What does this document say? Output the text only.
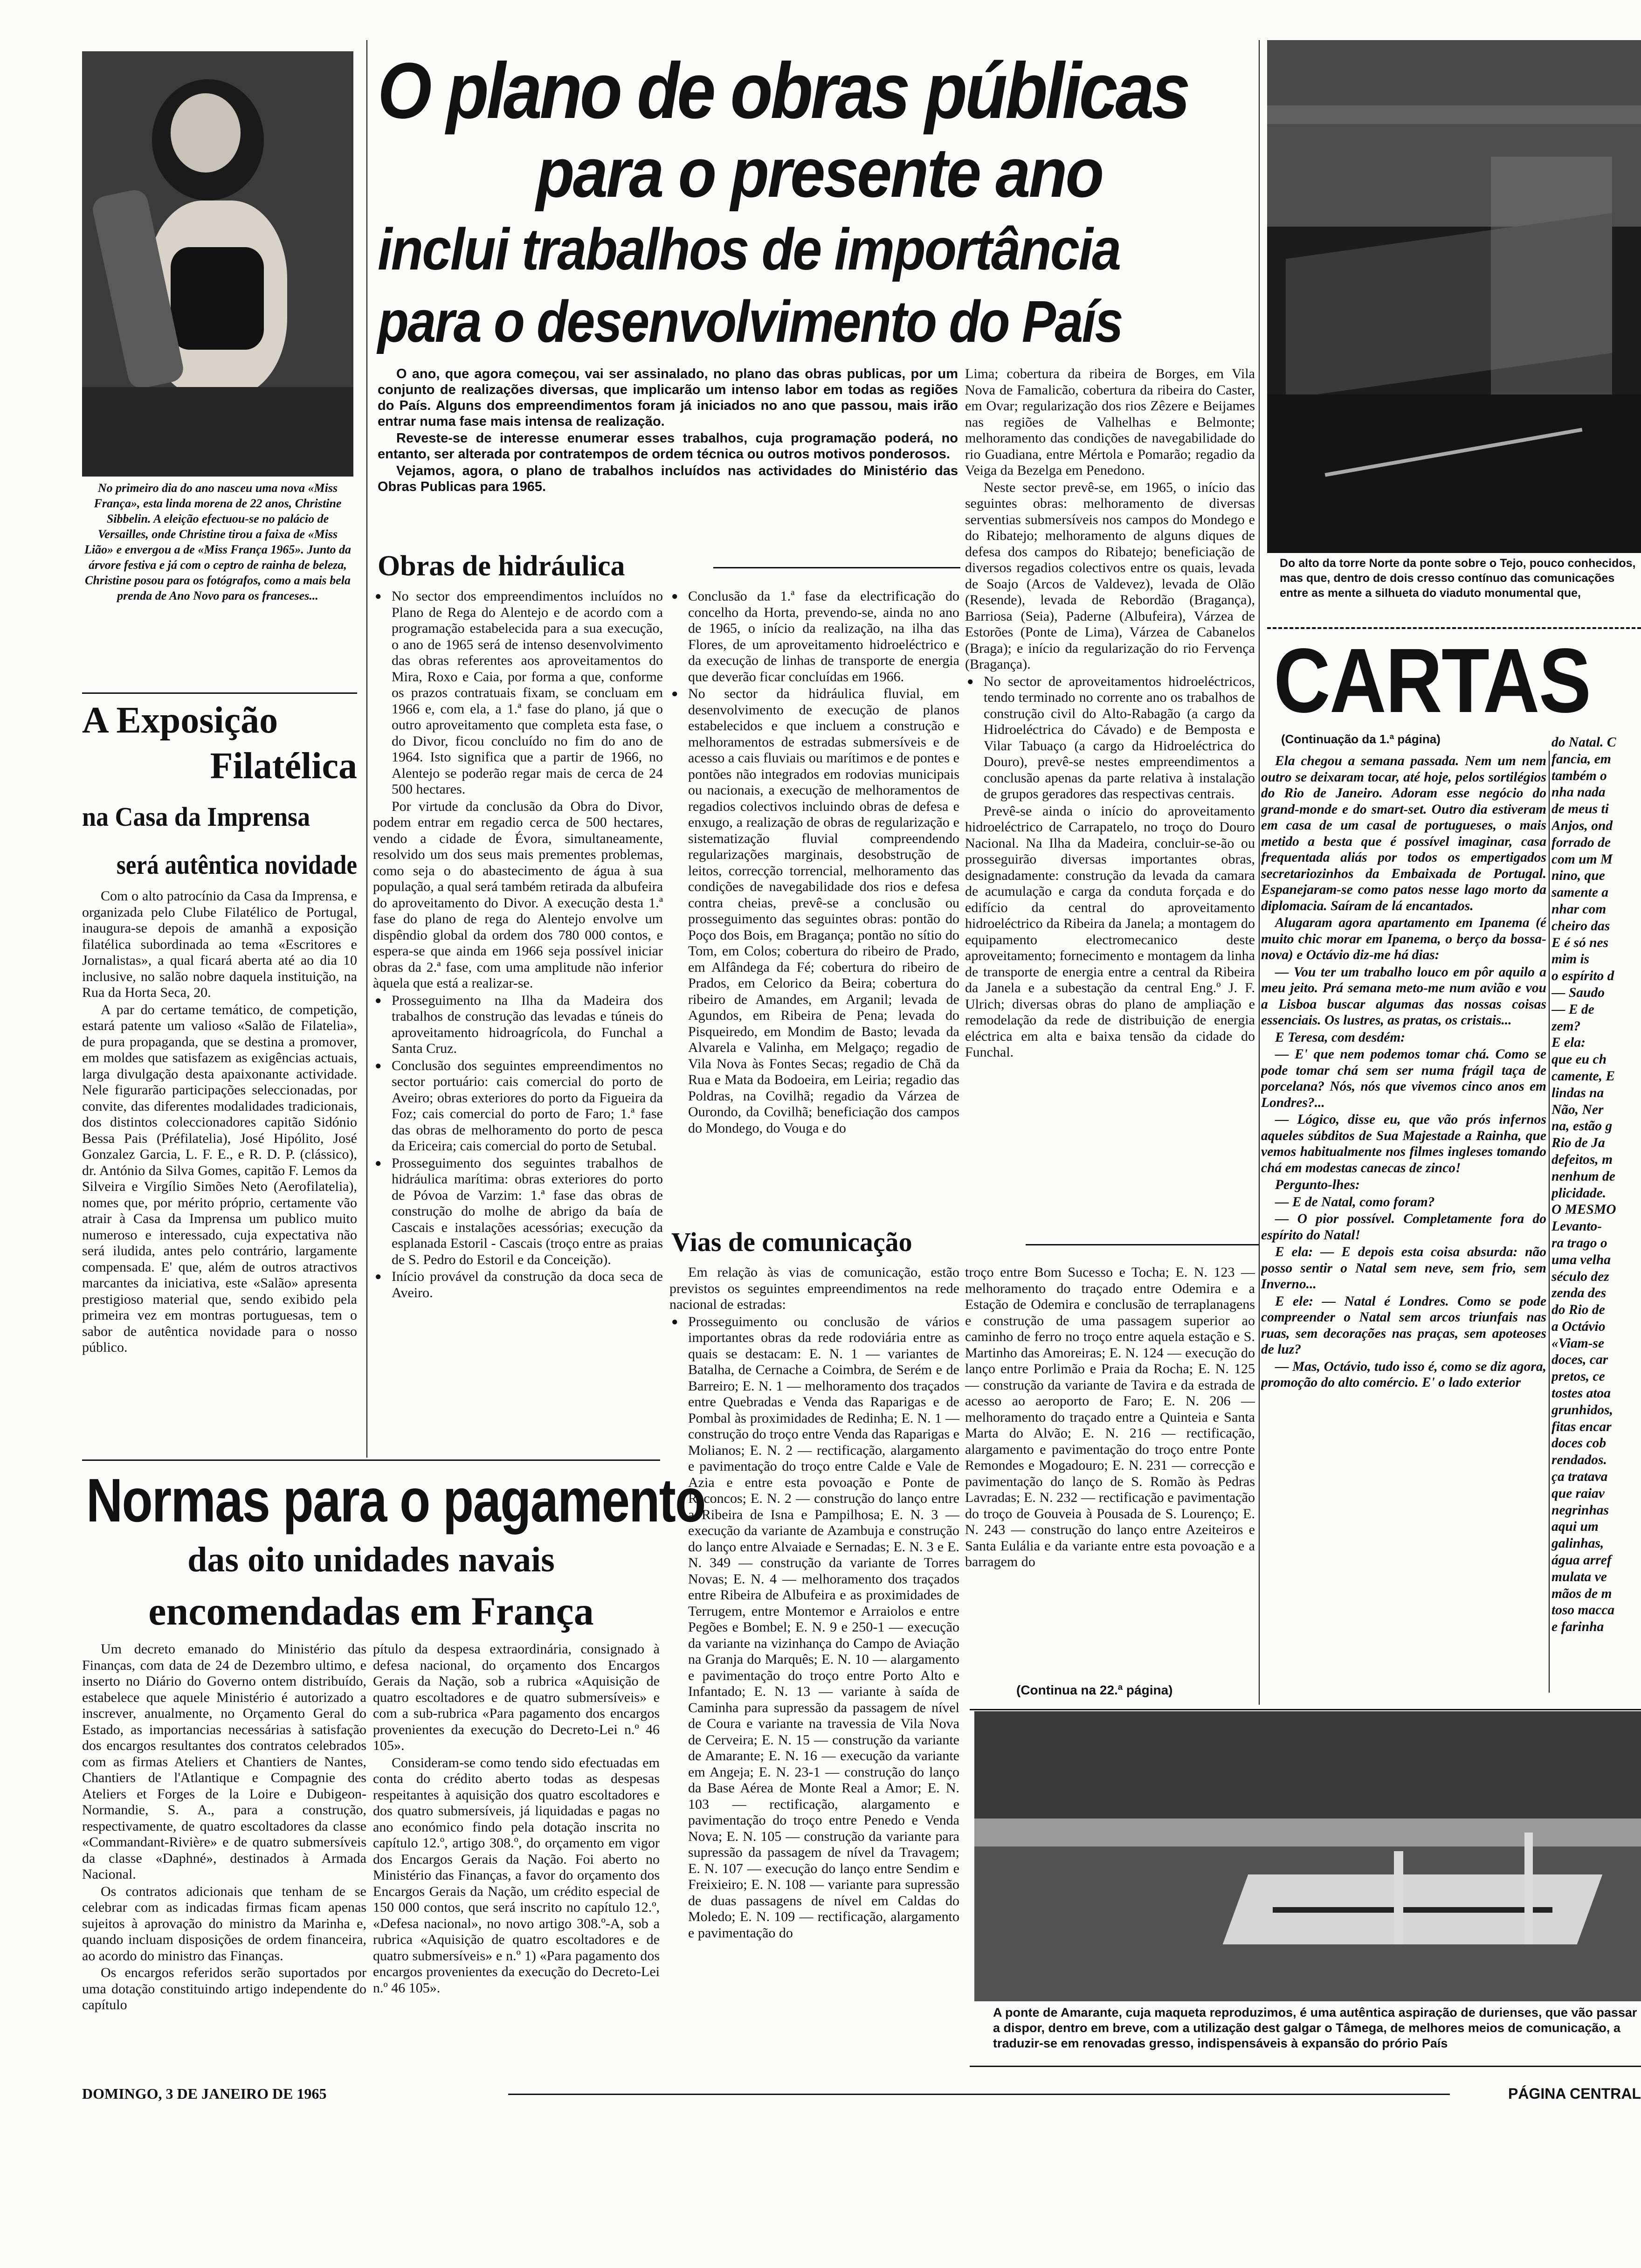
No primeiro dia do ano nasceu uma nova «Miss França», esta linda morena de 22 anos, Christine Sibbelin. A eleição efectuou-se no palácio de Versailles, onde Christine tirou a faixa de «Miss Lião» e envergou a de «Miss França 1965». Junto da árvore festiva e já com o ceptro de rainha de beleza, Christine posou para os fotógrafos, como a mais bela prenda de Ano Novo para os franceses...
O plano de obras públicas
para o presente ano
inclui trabalhos de importância
para o desenvolvimento do País

O ano, que agora começou, vai ser assinalado, no plano das obras publicas, por um conjunto de realizações diversas, que implicarão um intenso labor em todas as regiões do País. Alguns dos empreendimentos foram já iniciados no ano que passou, mais irão entrar numa fase mais intensa de realização.

Reveste-se de interesse enumerar esses trabalhos, cuja programação poderá, no entanto, ser alterada por contratempos de ordem técnica ou outros motivos ponderosos.

Vejamos, agora, o plano de trabalhos incluídos nas actividades do Ministério das Obras Publicas para 1965.

Obras de hidráulica

● No sector dos empreendimentos incluídos no Plano de Rega do Alentejo e de acordo com a programação estabelecida para a sua execução, o ano de 1965 será de intenso desenvolvimento das obras referentes aos aproveitamentos do Mira, Roxo e Caia, por forma a que, conforme os prazos contratuais fixam, se concluam em 1966 e, com ela, a 1.ª fase do plano, já que o outro aproveitamento que completa esta fase, o do Divor, ficou concluído no fim do ano de 1964. Isto significa que a partir de 1966, no Alentejo se poderão regar mais de cerca de 24 500 hectares.

Por virtude da conclusão da Obra do Divor, podem entrar em regadio cerca de 500 hectares, vendo a cidade de Évora, simultaneamente, resolvido um dos seus mais prementes problemas, como seja o do abastecimento de água à sua população, a qual será também retirada da albufeira do aproveitamento do Divor. A execução desta 1.ª fase do plano de rega do Alentejo envolve um dispêndio global da ordem dos 780 000 contos, e espera-se que ainda em 1966 seja possível iniciar obras da 2.ª fase, com uma amplitude não inferior àquela que está a realizar-se.

● Prosseguimento na Ilha da Madeira dos trabalhos de construção das levadas e túneis do aproveitamento hidroagrícola, do Funchal a Santa Cruz.

● Conclusão dos seguintes empreendimentos no sector portuário: cais comercial do porto de Aveiro; obras exteriores do porto da Figueira da Foz; cais comercial do porto de Faro; 1.ª fase das obras de melhoramento do porto de pesca da Ericeira; cais comercial do porto de Setubal.

● Prosseguimento dos seguintes trabalhos de hidráulica marítima: obras exteriores do porto de Póvoa de Varzim: 1.ª fase das obras de construção do molhe de abrigo da baía de Cascais e instalações acessórias; execução da esplanada Estoril - Cascais (troço entre as praias de S. Pedro do Estoril e da Conceição).

● Início provável da construção da doca seca de Aveiro.

● Conclusão da 1.ª fase da electrificação do concelho da Horta, prevendo-se, ainda no ano de 1965, o início da realização, na ilha das Flores, de um aproveitamento hidroeléctrico e da execução de linhas de transporte de energia que deverão ficar concluídas em 1966.

● No sector da hidráulica fluvial, em desenvolvimento de execução de planos estabelecidos e que incluem a construção e melhoramentos de estradas submersíveis e de acesso a cais fluviais ou marítimos e de pontes e pontões não integrados em rodovias municipais ou nacionais, a execução de melhoramentos de regadios colectivos incluindo obras de defesa e enxugo, a realização de obras de regularização e sistematização fluvial compreendendo regularizações marginais, desobstrução de leitos, correcção torrencial, melhoramento das condições de navegabilidade dos rios e defesa contra cheias, prevê-se a conclusão ou prosseguimento das seguintes obras: pontão do Poço dos Bois, em Bragança; pontão no sítio do Tom, em Colos; cobertura do ribeiro de Prado, em Alfândega da Fé; cobertura do ribeiro de Prados, em Celorico da Beira; cobertura do ribeiro de Amandes, em Arganil; levada de Agundos, em Ribeira de Pena; levada do Pisqueiredo, em Mondim de Basto; levada da Alvarela e Valinha, em Melgaço; regadio de Vila Nova às Fontes Secas; regadio de Chã da Rua e Mata da Bodoeira, em Leiria; regadio das Poldras, na Covilhã; regadio da Várzea de Ourondo, da Covilhã; beneficiação dos campos do Mondego, do Vouga e do

Lima; cobertura da ribeira de Borges, em Vila Nova de Famalicão, cobertura da ribeira do Caster, em Ovar; regularização dos rios Zêzere e Beijames nas regiões de Valhelhas e Belmonte; melhoramento das condições de navegabilidade do rio Guadiana, entre Mértola e Pomarão; regadio da Veiga da Bezelga em Penedono.

Neste sector prevê-se, em 1965, o início das seguintes obras: melhoramento de diversas serventias submersíveis nos campos do Mondego e do Ribatejo; melhoramento de alguns diques de defesa dos campos do Ribatejo; beneficiação de diversos regadios colectivos entre os quais, levada de Soajo (Arcos de Valdevez), levada de Olão (Resende), levada de Rebordão (Bragança), Barriosa (Seia), Paderne (Albufeira), Várzea de Estorões (Ponte de Lima), Várzea de Cabanelos (Braga); e início da regularização do rio Fervença (Bragança).

● No sector de aproveitamentos hidroeléctricos, tendo terminado no corrente ano os trabalhos de construção civil do Alto-Rabagão (a cargo da Hidroeléctrica do Cávado) e de Bemposta e Vilar Tabuaço (a cargo da Hidroeléctrica do Douro), prevê-se nestes empreendimentos a conclusão apenas da parte relativa à instalação de grupos geradores das respectivas centrais.

Prevê-se ainda o início do aproveitamento hidroeléctrico de Carrapatelo, no troço do Douro Nacional. Na Ilha da Madeira, concluir-se-ão ou prosseguirão diversas importantes obras, designadamente: construção da levada da camara de acumulação e carga da conduta forçada e do edifício da central do aproveitamento hidroeléctrico da Ribeira da Janela; a montagem do equipamento electromecanico deste aproveitamento; fornecimento e montagem da linha de transporte de energia entre a central da Ribeira da Janela e a subestação da central Eng.º J. F. Ulrich; diversas obras do plano de ampliação e remodelação da rede de distribuição de energia eléctrica em alta e baixa tensão da cidade do Funchal.

Vias de comunicação

Em relação às vias de comunicação, estão previstos os seguintes empreendimentos na rede nacional de estradas:

● Prosseguimento ou conclusão de vários importantes obras da rede rodoviária entre as quais se destacam: E. N. 1 — variantes de Batalha, de Cernache a Coimbra, de Serém e de Barreiro; E. N. 1 — melhoramento dos traçados entre Quebradas e Venda das Raparigas e de Pombal às proximidades de Redinha; E. N. 1 — construção do troço entre Venda das Raparigas e Molianos; E. N. 2 — rectificação, alargamento e pavimentação do troço entre Calde e Vale de Azia e entre esta povoação e Ponte de Reconcos; E. N. 2 — construção do lanço entre a Ribeira de Isna e Pampilhosa; E. N. 3 — execução da variante de Azambuja e construção do lanço entre Alvaiade e Sernadas; E. N. 3 e E. N. 349 — construção da variante de Torres Novas; E. N. 4 — melhoramento dos traçados entre Ribeira de Albufeira e as proximidades de Terrugem, entre Montemor e Arraiolos e entre Pegões e Bombel; E. N. 9 e 250-1 — execução da variante na vizinhança do Campo de Aviação na Granja do Marquês; E. N. 10 — alargamento e pavimentação do troço entre Porto Alto e Infantado; E. N. 13 — variante à saída de Caminha para supressão da passagem de nível de Coura e variante na travessia de Vila Nova de Cerveira; E. N. 15 — construção da variante de Amarante; E. N. 16 — execução da variante em Angeja; E. N. 23-1 — construção do lanço da Base Aérea de Monte Real a Amor; E. N. 103 — rectificação, alargamento e pavimentação do troço entre Penedo e Venda Nova; E. N. 105 — construção da variante para supressão da passagem de nível da Travagem; E. N. 107 — execução do lanço entre Sendim e Freixieiro; E. N. 108 — variante para supressão de duas passagens de nível em Caldas do Moledo; E. N. 109 — rectificação, alargamento e pavimentação do

troço entre Bom Sucesso e Tocha; E. N. 123 — melhoramento do traçado entre Odemira e a Estação de Odemira e conclusão de terraplanagens e construção de uma passagem superior ao caminho de ferro no troço entre aquela estação e S. Martinho das Amoreiras; E. N. 124 — execução do lanço entre Porlimão e Praia da Rocha; E. N. 125 — construção da variante de Tavira e da estrada de acesso ao aeroporto de Faro; E. N. 206 — melhoramento do traçado entre a Quinteia e Santa Marta do Alvão; E. N. 216 — rectificação, alargamento e pavimentação do troço entre Ponte Remondes e Mogadouro; E. N. 231 — correcção e pavimentação do lanço de S. Romão às Pedras Lavradas; E. N. 232 — rectificação e pavimentação do troço de Gouveia à Pousada de S. Lourenço; E. N. 243 — construção do lanço entre Azeiteiros e Santa Eulália e da variante entre esta povoação e a barragem do

(Continua na 22.ª página)
A Exposição
Filatélica
na Casa da Imprensa
será autêntica novidade

Com o alto patrocínio da Casa da Imprensa, e organizada pelo Clube Filatélico de Portugal, inaugura-se depois de amanhã a exposição filatélica subordinada ao tema «Escritores e Jornalistas», a qual ficará aberta até ao dia 10 inclusive, no salão nobre daquela instituição, na Rua da Horta Seca, 20.

A par do certame temático, de competição, estará patente um valioso «Salão de Filatelia», de pura propaganda, que se destina a promover, em moldes que satisfazem as exigências actuais, larga divulgação desta apaixonante actividade. Nele figurarão participações seleccionadas, por convite, das diferentes modalidades tradicionais, dos distintos coleccionadores capitão Sidónio Bessa Pais (Préfilatelia), José Hipólito, José Gonzalez Garcia, L. F. E., e R. D. P. (clássico), dr. António da Silva Gomes, capitão F. Lemos da Silveira e Virgílio Simões Neto (Aerofilatelia), nomes que, por mérito próprio, certamente vão atrair à Casa da Imprensa um publico muito numeroso e interessado, cuja expectativa não será iludida, antes pelo contrário, largamente compensada. E' que, além de outros atractivos marcantes da iniciativa, este «Salão» apresenta prestigioso material que, sendo exibido pela primeira vez em montras portuguesas, tem o sabor de autêntica novidade para o nosso público.

Normas para o pagamento
das oito unidades navais
encomendadas em França

Um decreto emanado do Ministério das Finanças, com data de 24 de Dezembro ultimo, e inserto no Diário do Governo ontem distribuído, estabelece que aquele Ministério é autorizado a inscrever, anualmente, no Orçamento Geral do Estado, as importancias necessárias à satisfação dos encargos resultantes dos contratos celebrados com as firmas Ateliers et Chantiers de Nantes, Chantiers de l'Atlantique e Compagnie des Ateliers et Forges de la Loire e Dubigeon-Normandie, S. A., para a construção, respectivamente, de quatro escoltadores da classe «Commandant-Rivière» e de quatro submersíveis da classe «Daphné», destinados à Armada Nacional.

Os contratos adicionais que tenham de se celebrar com as indicadas firmas ficam apenas sujeitos à aprovação do ministro da Marinha e, quando incluam disposições de ordem financeira, ao acordo do ministro das Finanças.

Os encargos referidos serão suportados por uma dotação constituindo artigo independente do capítulo

pítulo da despesa extraordinária, consignado à defesa nacional, do orçamento dos Encargos Gerais da Nação, sob a rubrica «Aquisição de quatro escoltadores e de quatro submersíveis» e com a sub-rubrica «Para pagamento dos encargos provenientes da execução do Decreto-Lei n.º 46 105».

Consideram-se como tendo sido efectuadas em conta do crédito aberto todas as despesas respeitantes à aquisição dos quatro escoltadores e dos quatro submersíveis, já liquidadas e pagas no ano económico findo pela dotação inscrita no capítulo 12.º, artigo 308.º, do orçamento em vigor dos Encargos Gerais da Nação. Foi aberto no Ministério das Finanças, a favor do orçamento dos Encargos Gerais da Nação, um crédito especial de 150 000 contos, que será inscrito no capítulo 12.º, «Defesa nacional», no novo artigo 308.º-A, sob a rubrica «Aquisição de quatro escoltadores e de quatro submersíveis» e n.º 1) «Para pagamento dos encargos provenientes da execução do Decreto-Lei n.º 46 105».

Do alto da torre Norte da ponte sobre o Tejo, pouco conhecidos, mas que, dentro de dois cresso contínuo das comunicações entre as mente a silhueta do viaduto monumental que,
CARTAS
(Continuação da 1.ª página)

Ela chegou a semana passada. Nem um nem outro se deixaram tocar, até hoje, pelos sortilégios do Rio de Janeiro. Adoram esse negócio do grand-monde e do smart-set. Outro dia estiveram em casa de um casal de portugueses, o mais metido a besta que é possível imaginar, casa frequentada aliás por todos os empertigados secretariozinhos da Embaixada de Portugal. Espanejaram-se como patos nesse lago morto da diplomacia. Saíram de lá encantados.

Alugaram agora apartamento em Ipanema (é muito chic morar em Ipanema, o berço da bossa-nova) e Octávio diz-me há dias:

— Vou ter um trabalho louco em pôr aquilo a meu jeito. Prá semana meto-me num avião e vou a Lisboa buscar algumas das nossas coisas essenciais. Os lustres, as pratas, os cristais...

E Teresa, com desdém:

— E' que nem podemos tomar chá. Como se pode tomar chá sem ser numa frágil taça de porcelana? Nós, nós que vivemos cinco anos em Londres?...

— Lógico, disse eu, que vão prós infernos aqueles súbditos de Sua Majestade a Rainha, que vemos habitualmente nos filmes ingleses tomando chá em modestas canecas de zinco!

Pergunto-lhes:

— E de Natal, como foram?

— O pior possível. Completamente fora do espírito do Natal!

E ela: — E depois esta coisa absurda: não posso sentir o Natal sem neve, sem frio, sem Inverno...

E ele: — Natal é Londres. Como se pode compreender o Natal sem arcos triunfais nas ruas, sem decorações nas praças, sem apoteoses de luz?

— Mas, Octávio, tudo isso é, como se diz agora, promoção do alto comércio. E' o lado exterior

do Natal. C
fancia, em
também o
nha nada
de meus ti
Anjos, ond
forrado de
com um M
nino, que
samente a
nhar com
cheiro das
E é só nes
mim is
o espírito d
— Saudo
— E de
zem?
E ela:
que eu ch
camente, E
lindas na
Não, Ner
na, estão g
Rio de Ja
defeitos, m
nenhum de
plicidade.
O MESMO
Levanto-
ra trago o
uma velha
século dez
zenda des
do Rio de
a Octávio
«Viam-se
doces, car
pretos, ce
tostes atoa
grunhidos,
fitas encar
doces cob
rendados.
ça tratava
que raiav
negrinhas
aqui um
galinhas,
água arref
mulata ve
mãos de m
toso macca
e farinha
A ponte de Amarante, cuja maqueta reproduzimos, é uma autêntica aspiração de durienses, que vão passar a dispor, dentro em breve, com a utilização dest galgar o Tâmega, de melhores meios de comunicação, a traduzir-se em renovadas gresso, indispensáveis à expansão do prório País
DOMINGO, 3 DE JANEIRO DE 1965	PÁGINA CENTRAL
